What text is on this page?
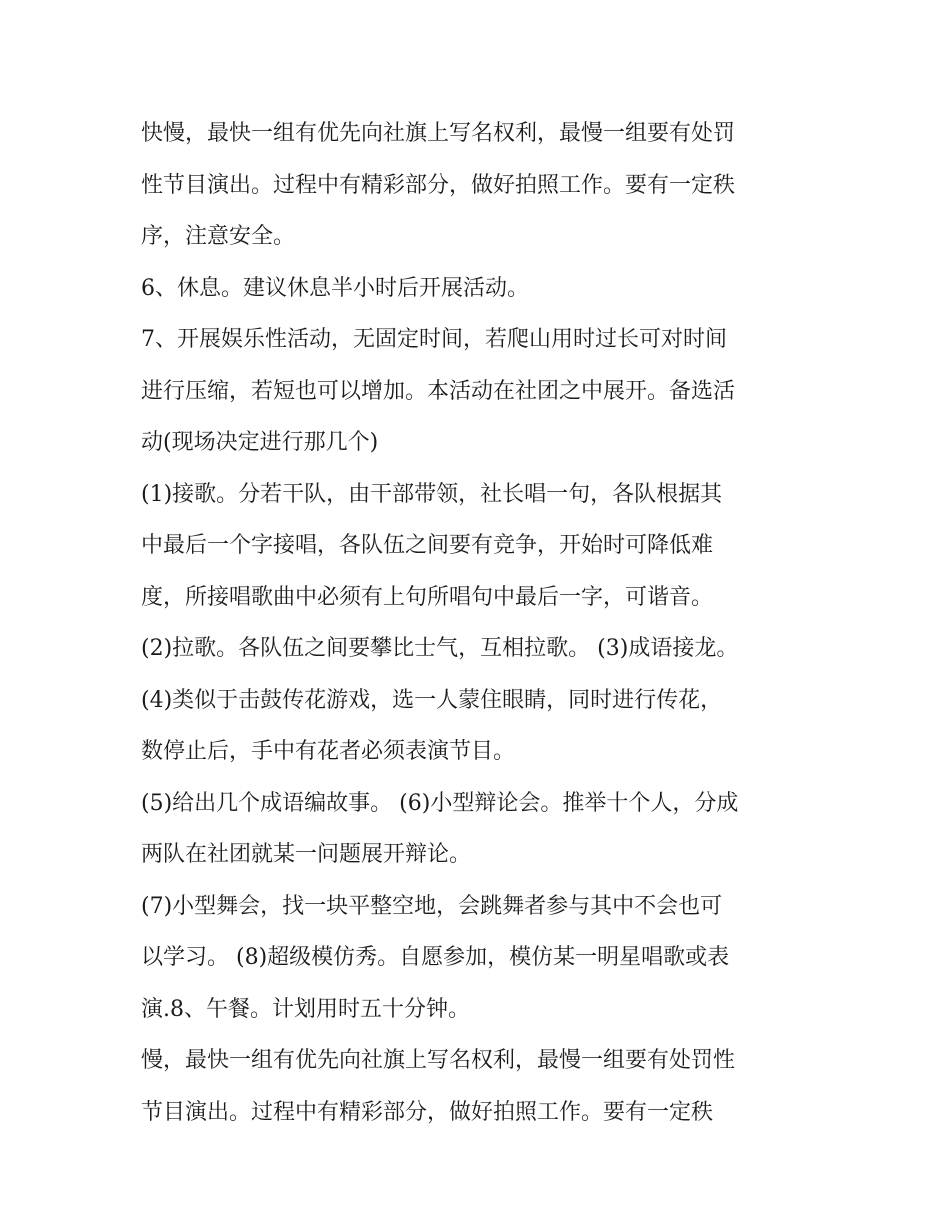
快慢，最快一组有优先向社旗上写名权利，最慢一组要有处罚
性节目演出。过程中有精彩部分，做好拍照工作。要有一定秩
序，注意安全。
6、休息。建议休息半小时后开展活动。
7、开展娱乐性活动，无固定时间，若爬山用时过长可对时间
进行压缩，若短也可以增加。本活动在社团之中展开。备选活
动(现场决定进行那几个)
(1)接歌。分若干队，由干部带领，社长唱一句，各队根据其
中最后一个字接唱，各队伍之间要有竞争，开始时可降低难
度，所接唱歌曲中必须有上句所唱句中最后一字，可谐音。
(2)拉歌。各队伍之间要攀比士气，互相拉歌。 (3)成语接龙。
(4)类似于击鼓传花游戏，选一人蒙住眼睛，同时进行传花，
数停止后，手中有花者必须表演节目。
(5)给出几个成语编故事。 (6)小型辩论会。推举十个人，分成
两队在社团就某一问题展开辩论。
(7)小型舞会，找一块平整空地，会跳舞者参与其中不会也可
以学习。 (8)超级模仿秀。自愿参加，模仿某一明星唱歌或表
演.8、午餐。计划用时五十分钟。
慢，最快一组有优先向社旗上写名权利，最慢一组要有处罚性
节目演出。过程中有精彩部分，做好拍照工作。要有一定秩
